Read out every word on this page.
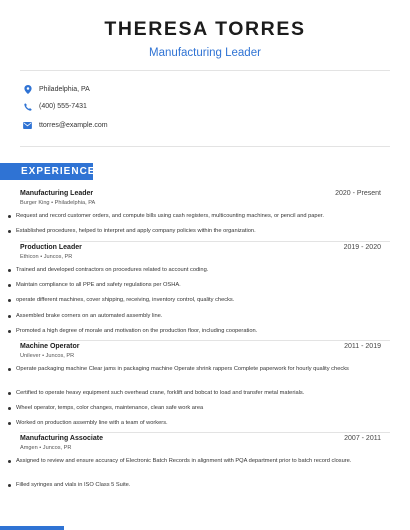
THERESA TORRES
Manufacturing Leader
Philadelphia, PA
(400) 555-7431
ttorres@example.com
EXPERIENCE
Manufacturing Leader	2020 - Present
Burger King • Philadelphia, PA
Request and record customer orders, and compute bills using cash registers, multicounting machines, or pencil and paper.
Established procedures, helped to interpret and apply company policies within the organization.
Production Leader	2019 - 2020
Ethicon • Juncos, PR
Trained and developed contractors on procedures related to account coding.
Maintain compliance to all PPE and safety regulations per OSHA.
operate different machines, cover shipping, receiving, inventory control, quality checks.
Assembled brake corners on an automated assembly line.
Promoted a high degree of morale and motivation on the production floor, including cooperation.
Machine Operator	2011 - 2019
Unilever • Juncos, PR
Operate packaging machine Clear jams in packaging machine Operate shrink rappers Complete paperwork for hourly quality checks
Certified to operate heavy equipment such overhead crane, forklift and bobcat to load and transfer metal materials.
Wheel operator, temps, color changes, maintenance, clean safe work area
Worked on production assembly line with a team of workers.
Manufacturing Associate	2007 - 2011
Amgen • Juncos, PR
Assigned to review and ensure accuracy of Electronic Batch Records in alignment with PQA department prior to batch record closure.
Filled syringes and vials in ISO Class 5 Suite.
